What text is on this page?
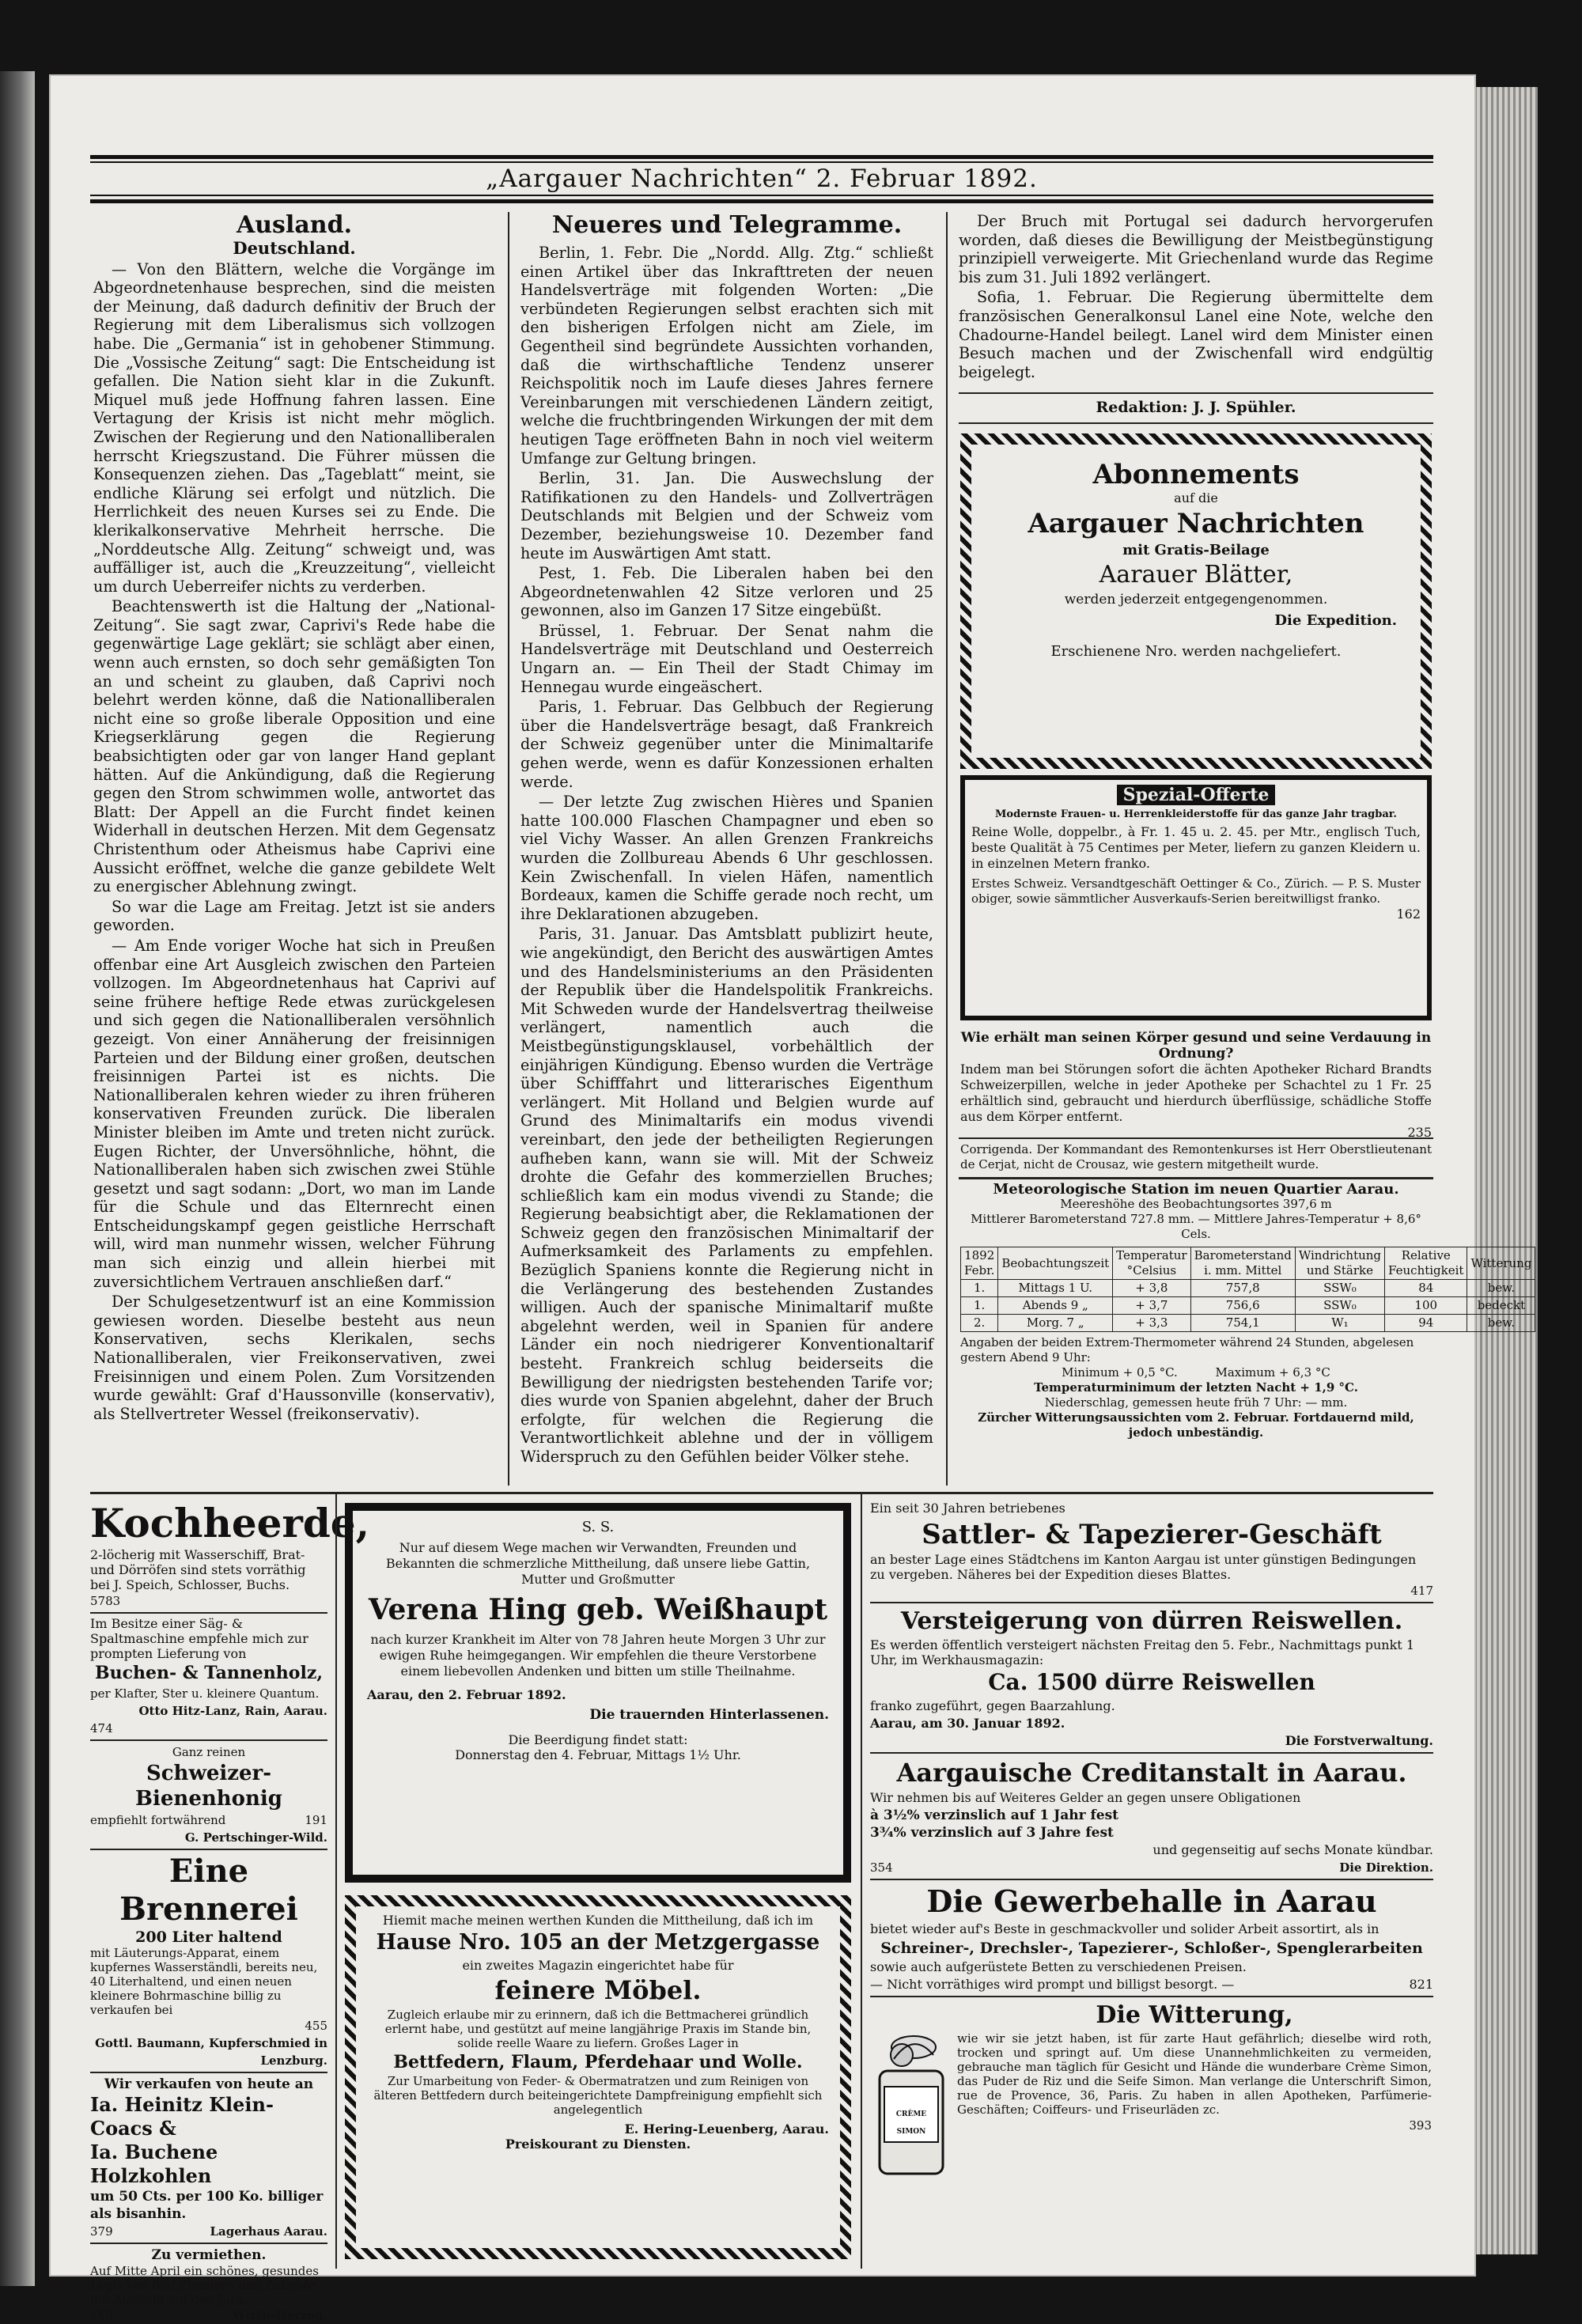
„Aargauer Nachrichten“ 2. Februar 1892.
Ausland.
Deutschland.

— Von den Blättern, welche die Vorgänge im Abgeordnetenhause besprechen, sind die meisten der Meinung, daß dadurch definitiv der Bruch der Regierung mit dem Liberalismus sich vollzogen habe. Die „Germania“ ist in gehobener Stimmung. Die „Vossische Zeitung“ sagt: Die Entscheidung ist gefallen. Die Nation sieht klar in die Zukunft. Miquel muß jede Hoffnung fahren lassen. Eine Vertagung der Krisis ist nicht mehr möglich. Zwischen der Regierung und den Nationalliberalen herrscht Kriegszustand. Die Führer müssen die Konsequenzen ziehen. Das „Tageblatt“ meint, sie endliche Klärung sei erfolgt und nützlich. Die Herrlichkeit des neuen Kurses sei zu Ende. Die klerikalkonservative Mehrheit herrsche. Die „Norddeutsche Allg. Zeitung“ schweigt und, was auffälliger ist, auch die „Kreuzzeitung“, vielleicht um durch Ueberreifer nichts zu verderben.

Beachtenswerth ist die Haltung der „National-Zeitung“. Sie sagt zwar, Caprivi's Rede habe die gegenwärtige Lage geklärt; sie schlägt aber einen, wenn auch ernsten, so doch sehr gemäßigten Ton an und scheint zu glauben, daß Caprivi noch belehrt werden könne, daß die Nationalliberalen nicht eine so große liberale Opposition und eine Kriegserklärung gegen die Regierung beabsichtigten oder gar von langer Hand geplant hätten. Auf die Ankündigung, daß die Regierung gegen den Strom schwimmen wolle, antwortet das Blatt: Der Appell an die Furcht findet keinen Widerhall in deutschen Herzen. Mit dem Gegensatz Christenthum oder Atheismus habe Caprivi eine Aussicht eröffnet, welche die ganze gebildete Welt zu energischer Ablehnung zwingt.

So war die Lage am Freitag. Jetzt ist sie anders geworden.

— Am Ende voriger Woche hat sich in Preußen offenbar eine Art Ausgleich zwischen den Parteien vollzogen. Im Abgeordnetenhaus hat Caprivi auf seine frühere heftige Rede etwas zurückgelesen und sich gegen die Nationalliberalen versöhnlich gezeigt. Von einer Annäherung der freisinnigen Parteien und der Bildung einer großen, deutschen freisinnigen Partei ist es nichts. Die Nationalliberalen kehren wieder zu ihren früheren konservativen Freunden zurück. Die liberalen Minister bleiben im Amte und treten nicht zurück. Eugen Richter, der Unversöhnliche, höhnt, die Nationalliberalen haben sich zwischen zwei Stühle gesetzt und sagt sodann: „Dort, wo man im Lande für die Schule und das Elternrecht einen Entscheidungskampf gegen geistliche Herrschaft will, wird man nunmehr wissen, welcher Führung man sich einzig und allein hierbei mit zuversichtlichem Vertrauen anschließen darf.“

Der Schulgesetzentwurf ist an eine Kommission gewiesen worden. Dieselbe besteht aus neun Konservativen, sechs Klerikalen, sechs Nationalliberalen, vier Freikonservativen, zwei Freisinnigen und einem Polen. Zum Vorsitzenden wurde gewählt: Graf d'Haussonville (konservativ), als Stellvertreter Wessel (freikonservativ).

Neueres und Telegramme.

Berlin, 1. Febr. Die „Nordd. Allg. Ztg.“ schließt einen Artikel über das Inkrafttreten der neuen Handelsverträge mit folgenden Worten: „Die verbündeten Regierungen selbst erachten sich mit den bisherigen Erfolgen nicht am Ziele, im Gegentheil sind begründete Aussichten vorhanden, daß die wirthschaftliche Tendenz unserer Reichspolitik noch im Laufe dieses Jahres fernere Vereinbarungen mit verschiedenen Ländern zeitigt, welche die fruchtbringenden Wirkungen der mit dem heutigen Tage eröffneten Bahn in noch viel weiterm Umfange zur Geltung bringen.

Berlin, 31. Jan. Die Auswechslung der Ratifikationen zu den Handels- und Zollverträgen Deutschlands mit Belgien und der Schweiz vom Dezember, beziehungsweise 10. Dezember fand heute im Auswärtigen Amt statt.

Pest, 1. Feb. Die Liberalen haben bei den Abgeordnetenwahlen 42 Sitze verloren und 25 gewonnen, also im Ganzen 17 Sitze eingebüßt.

Brüssel, 1. Februar. Der Senat nahm die Handelsverträge mit Deutschland und Oesterreich Ungarn an. — Ein Theil der Stadt Chimay im Hennegau wurde eingeäschert.

Paris, 1. Februar. Das Gelbbuch der Regierung über die Handelsverträge besagt, daß Frankreich der Schweiz gegenüber unter die Minimaltarife gehen werde, wenn es dafür Konzessionen erhalten werde.

— Der letzte Zug zwischen Hières und Spanien hatte 100.000 Flaschen Champagner und eben so viel Vichy Wasser. An allen Grenzen Frankreichs wurden die Zollbureau Abends 6 Uhr geschlossen. Kein Zwischenfall. In vielen Häfen, namentlich Bordeaux, kamen die Schiffe gerade noch recht, um ihre Deklarationen abzugeben.

Paris, 31. Januar. Das Amtsblatt publizirt heute, wie angekündigt, den Bericht des auswärtigen Amtes und des Handelsministeriums an den Präsidenten der Republik über die Handelspolitik Frankreichs. Mit Schweden wurde der Handelsvertrag theilweise verlängert, namentlich auch die Meistbegünstigungsklausel, vorbehältlich der einjährigen Kündigung. Ebenso wurden die Verträge über Schifffahrt und litterarisches Eigenthum verlängert. Mit Holland und Belgien wurde auf Grund des Minimaltarifs ein modus vivendi vereinbart, den jede der betheiligten Regierungen aufheben kann, wann sie will. Mit der Schweiz drohte die Gefahr des kommerziellen Bruches; schließlich kam ein modus vivendi zu Stande; die Regierung beabsichtigt aber, die Reklamationen der Schweiz gegen den französischen Minimaltarif der Aufmerksamkeit des Parlaments zu empfehlen. Bezüglich Spaniens konnte die Regierung nicht in die Verlängerung des bestehenden Zustandes willigen. Auch der spanische Minimaltarif mußte abgelehnt werden, weil in Spanien für andere Länder ein noch niedrigerer Konventionaltarif besteht. Frankreich schlug beiderseits die Bewilligung der niedrigsten bestehenden Tarife vor; dies wurde von Spanien abgelehnt, daher der Bruch erfolgte, für welchen die Regierung die Verantwortlichkeit ablehne und der in völligem Widerspruch zu den Gefühlen beider Völker stehe.

Der Bruch mit Portugal sei dadurch hervorgerufen worden, daß dieses die Bewilligung der Meistbegünstigung prinzipiell verweigerte. Mit Griechenland wurde das Regime bis zum 31. Juli 1892 verlängert.

Sofia, 1. Februar. Die Regierung übermittelte dem französischen Generalkonsul Lanel eine Note, welche den Chadourne-Handel beilegt. Lanel wird dem Minister einen Besuch machen und der Zwischenfall wird endgültig beigelegt.

Redaktion: J. J. Spühler.
Abonnements
auf die
Aargauer Nachrichten
mit Gratis-Beilage
Aarauer Blätter,
werden jederzeit entgegengenommen.
Die Expedition.
Erschienene Nro. werden nachgeliefert.
Spezial-Offerte
Modernste Frauen- u. Herrenkleiderstoffe für das ganze Jahr tragbar.
Reine Wolle, doppelbr., à Fr. 1. 45 u. 2. 45. per Mtr., englisch Tuch, beste Qualität à 75 Centimes per Meter, liefern zu ganzen Kleidern u. in einzelnen Metern franko.
Erstes Schweiz. Versandtgeschäft Oettinger & Co., Zürich. — P. S. Muster obiger, sowie sämmtlicher Ausverkaufs-Serien bereitwilligst franko.
162
Wie erhält man seinen Körper gesund und seine Verdauung in Ordnung?
Indem man bei Störungen sofort die ächten Apotheker Richard Brandts Schweizerpillen, welche in jeder Apotheke per Schachtel zu 1 Fr. 25 erhältlich sind, gebraucht und hierdurch überflüssige, schädliche Stoffe aus dem Körper entfernt.
235
Corrigenda. Der Kommandant des Remontenkurses ist Herr Oberstlieutenant de Cerjat, nicht de Crousaz, wie gestern mitgetheilt wurde.
Meteorologische Station im neuen Quartier Aarau.
Meereshöhe des Beobachtungsortes 397,6 m
Mittlerer Barometerstand 727.8 mm. — Mittlere Jahres-Temperatur + 8,6° Cels.
1892 Febr.	Beobachtungszeit	Temperatur °Celsius	Barometerstand i. mm. Mittel	Windrichtung und Stärke	Relative Feuchtigkeit	Witterung
1.	Mittags 1 U.	+ 3,8	757,8	SSW₀	84	bew.
1.	Abends 9 „	+ 3,7	756,6	SSW₀	100	bedeckt
2.	Morg. 7 „	+ 3,3	754,1	W₁	94	bew.
Angaben der beiden Extrem-Thermometer während 24 Stunden, abgelesen gestern Abend 9 Uhr:
Minimum + 0,5 °C.          Maximum + 6,3 °C
Temperaturminimum der letzten Nacht + 1,9 °C.
Niederschlag, gemessen heute früh 7 Uhr: — mm.
Zürcher Witterungsaussichten vom 2. Februar. Fortdauernd mild, jedoch unbeständig.
Kochheerde,
2-löcherig mit Wasserschiff, Brat- und Dörröfen sind stets vorräthig bei J. Speich, Schlosser, Buchs.
5783
Im Besitze einer Säg- & Spaltmaschine empfehle mich zur prompten Lieferung von
Buchen- & Tannenholz,
per Klafter, Ster u. kleinere Quantum.
Otto Hitz-Lanz, Rain, Aarau.
474
Ganz reinen
Schweizer-Bienenhonig
empfiehlt fortwährend	191
G. Pertschinger-Wild.
Eine Brennerei
200 Liter haltend
mit Läuterungs-Apparat, einem kupfernes Wasserständli, bereits neu, 40 Literhaltend, und einen neuen kleinere Bohrmaschine billig zu verkaufen bei
455
Gottl. Baumann, Kupferschmied in Lenzburg.
Wir verkaufen von heute an
Ia. Heinitz Klein-Coacs &
Ia. Buchene Holzkohlen
um 50 Cts. per 100 Ko. billiger als bisanhin.
379	Lagerhaus Aarau.
Zu vermiethen.
Auf Mitte April ein schönes, gesundes Logis von fünf Zimmern und Zubehör mit Aussicht auf den Jura.
466	Wirth-Herzog.
S. S.
Nur auf diesem Wege machen wir Verwandten, Freunden und Bekannten die schmerzliche Mittheilung, daß unsere liebe Gattin, Mutter und Großmutter
Verena Hing geb. Weißhaupt
nach kurzer Krankheit im Alter von 78 Jahren heute Morgen 3 Uhr zur ewigen Ruhe heimgegangen. Wir empfehlen die theure Verstorbene einem liebevollen Andenken und bitten um stille Theilnahme.
Aarau, den 2. Februar 1892.
Die trauernden Hinterlassenen.
Die Beerdigung findet statt:
Donnerstag den 4. Februar, Mittags 1½ Uhr.
Hiemit mache meinen werthen Kunden die Mittheilung, daß ich im
Hause Nro. 105 an der Metzgergasse
ein zweites Magazin eingerichtet habe für
feinere Möbel.
Zugleich erlaube mir zu erinnern, daß ich die Bettmacherei gründlich erlernt habe, und gestützt auf meine langjährige Praxis im Stande bin, solide reelle Waare zu liefern. Großes Lager in
Bettfedern, Flaum, Pferdehaar und Wolle.
Zur Umarbeitung von Feder- & Obermatratzen und zum Reinigen von älteren Bettfedern durch beiteingerichtete Dampfreinigung empfiehlt sich angelegentlich
E. Hering-Leuenberg, Aarau.
Preiskourant zu Diensten.
Ein seit 30 Jahren betriebenes
Sattler- & Tapezierer-Geschäft
an bester Lage eines Städtchens im Kanton Aargau ist unter günstigen Bedingungen zu vergeben. Näheres bei der Expedition dieses Blattes.
417
Versteigerung von dürren Reiswellen.
Es werden öffentlich versteigert nächsten Freitag den 5. Febr., Nachmittags punkt 1 Uhr, im Werkhausmagazin:
Ca. 1500 dürre Reiswellen
franko zugeführt, gegen Baarzahlung.
Aarau, am 30. Januar 1892.
Die Forstverwaltung.
Aargauische Creditanstalt in Aarau.
Wir nehmen bis auf Weiteres Gelder an gegen unsere Obligationen
à 3½% verzinslich auf 1 Jahr fest
3¾% verzinslich auf 3 Jahre fest
und gegenseitig auf sechs Monate kündbar.
354	Die Direktion.
Die Gewerbehalle in Aarau
bietet wieder auf's Beste in geschmackvoller und solider Arbeit assortirt, als in
Schreiner-, Drechsler-, Tapezierer-, Schloßer-, Spenglerarbeiten
sowie auch aufgerüstete Betten zu verschiedenen Preisen.
— Nicht vorräthiges wird prompt und billigst besorgt. —	821
CRÈME SIMON
Die Witterung,
wie wir sie jetzt haben, ist für zarte Haut gefährlich; dieselbe wird roth, trocken und springt auf. Um diese Unannehmlichkeiten zu vermeiden, gebrauche man täglich für Gesicht und Hände die wunderbare Crème Simon, das Puder de Riz und die Seife Simon. Man verlange die Unterschrift Simon, rue de Provence, 36, Paris. Zu haben in allen Apotheken, Parfümerie-Geschäften; Coiffeurs- und Friseurläden zc.
393
